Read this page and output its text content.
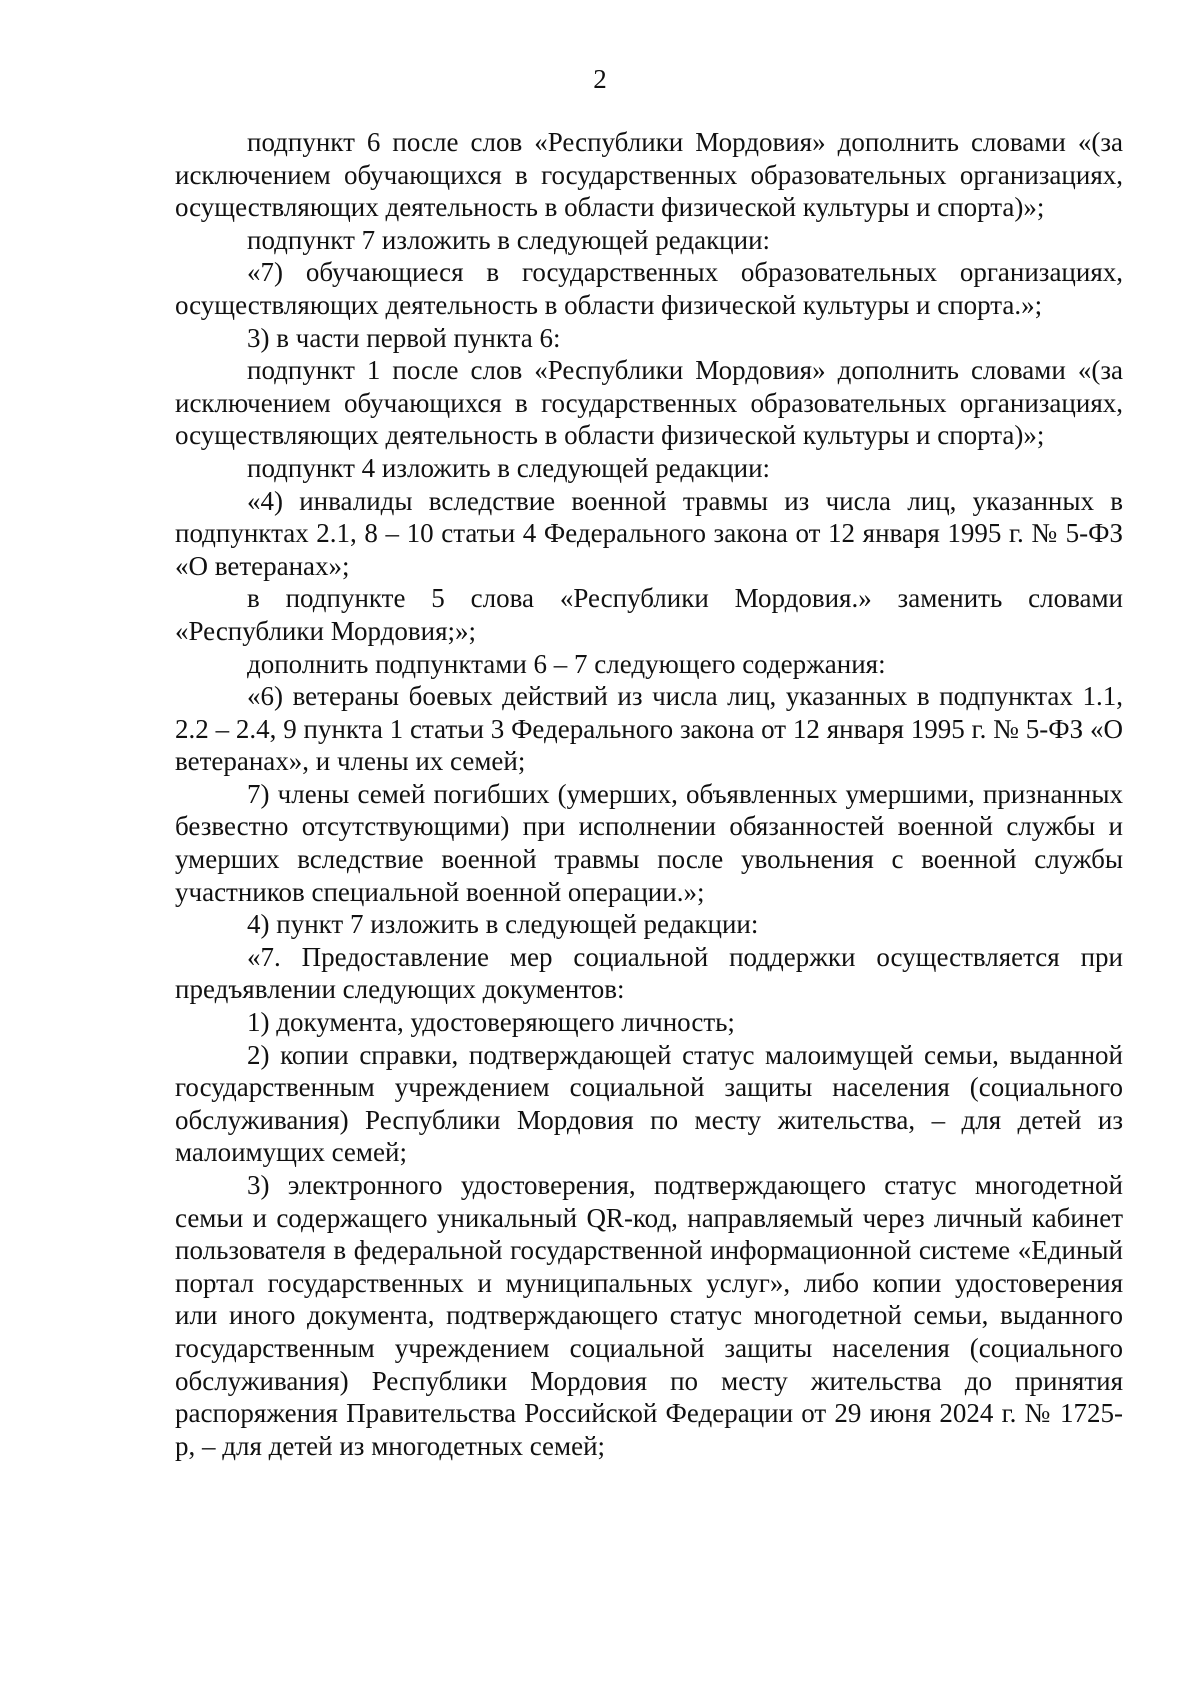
2

подпункт 6 после слов «Республики Мордовия» дополнить словами «(за исключением обучающихся в государственных образовательных организациях, осуществляющих деятельность в области физической культуры и спорта)»;

подпункт 7 изложить в следующей редакции:

«7) обучающиеся в государственных образовательных организациях, осуществляющих деятельность в области физической культуры и спорта.»;

3) в части первой пункта 6:

подпункт 1 после слов «Республики Мордовия» дополнить словами «(за исключением обучающихся в государственных образовательных организациях, осуществляющих деятельность в области физической культуры и спорта)»;

подпункт 4 изложить в следующей редакции:

«4) инвалиды вследствие военной травмы из числа лиц, указанных в подпунктах 2.1, 8 – 10 статьи 4 Федерального закона от 12 января 1995 г. № 5-ФЗ «О ветеранах»;

в подпункте 5 слова «Республики Мордовия.» заменить словами «Республики Мордовия;»;

дополнить подпунктами 6 – 7 следующего содержания:

«6) ветераны боевых действий из числа лиц, указанных в подпунктах 1.1, 2.2 – 2.4, 9 пункта 1 статьи 3 Федерального закона от 12 января 1995 г. № 5-ФЗ «О ветеранах», и члены их семей;

7) члены семей погибших (умерших, объявленных умершими, признанных безвестно отсутствующими) при исполнении обязанностей военной службы и умерших вследствие военной травмы после увольнения с военной службы участников специальной военной операции.»;

4) пункт 7 изложить в следующей редакции:

«7. Предоставление мер социальной поддержки осуществляется при предъявлении следующих документов:

1) документа, удостоверяющего личность;

2) копии справки, подтверждающей статус малоимущей семьи, выданной государственным учреждением социальной защиты населения (социального обслуживания) Республики Мордовия по месту жительства, – для детей из малоимущих семей;

3) электронного удостоверения, подтверждающего статус многодетной семьи и содержащего уникальный QR-код, направляемый через личный кабинет пользователя в федеральной государственной информационной системе «Единый портал государственных и муниципальных услуг», либо копии удостоверения или иного документа, подтверждающего статус многодетной семьи, выданного государственным учреждением социальной защиты населения (социального обслуживания) Республики Мордовия по месту жительства до принятия распоряжения Правительства Российской Федерации от 29 июня 2024 г. № 1725-р, – для детей из многодетных семей;
